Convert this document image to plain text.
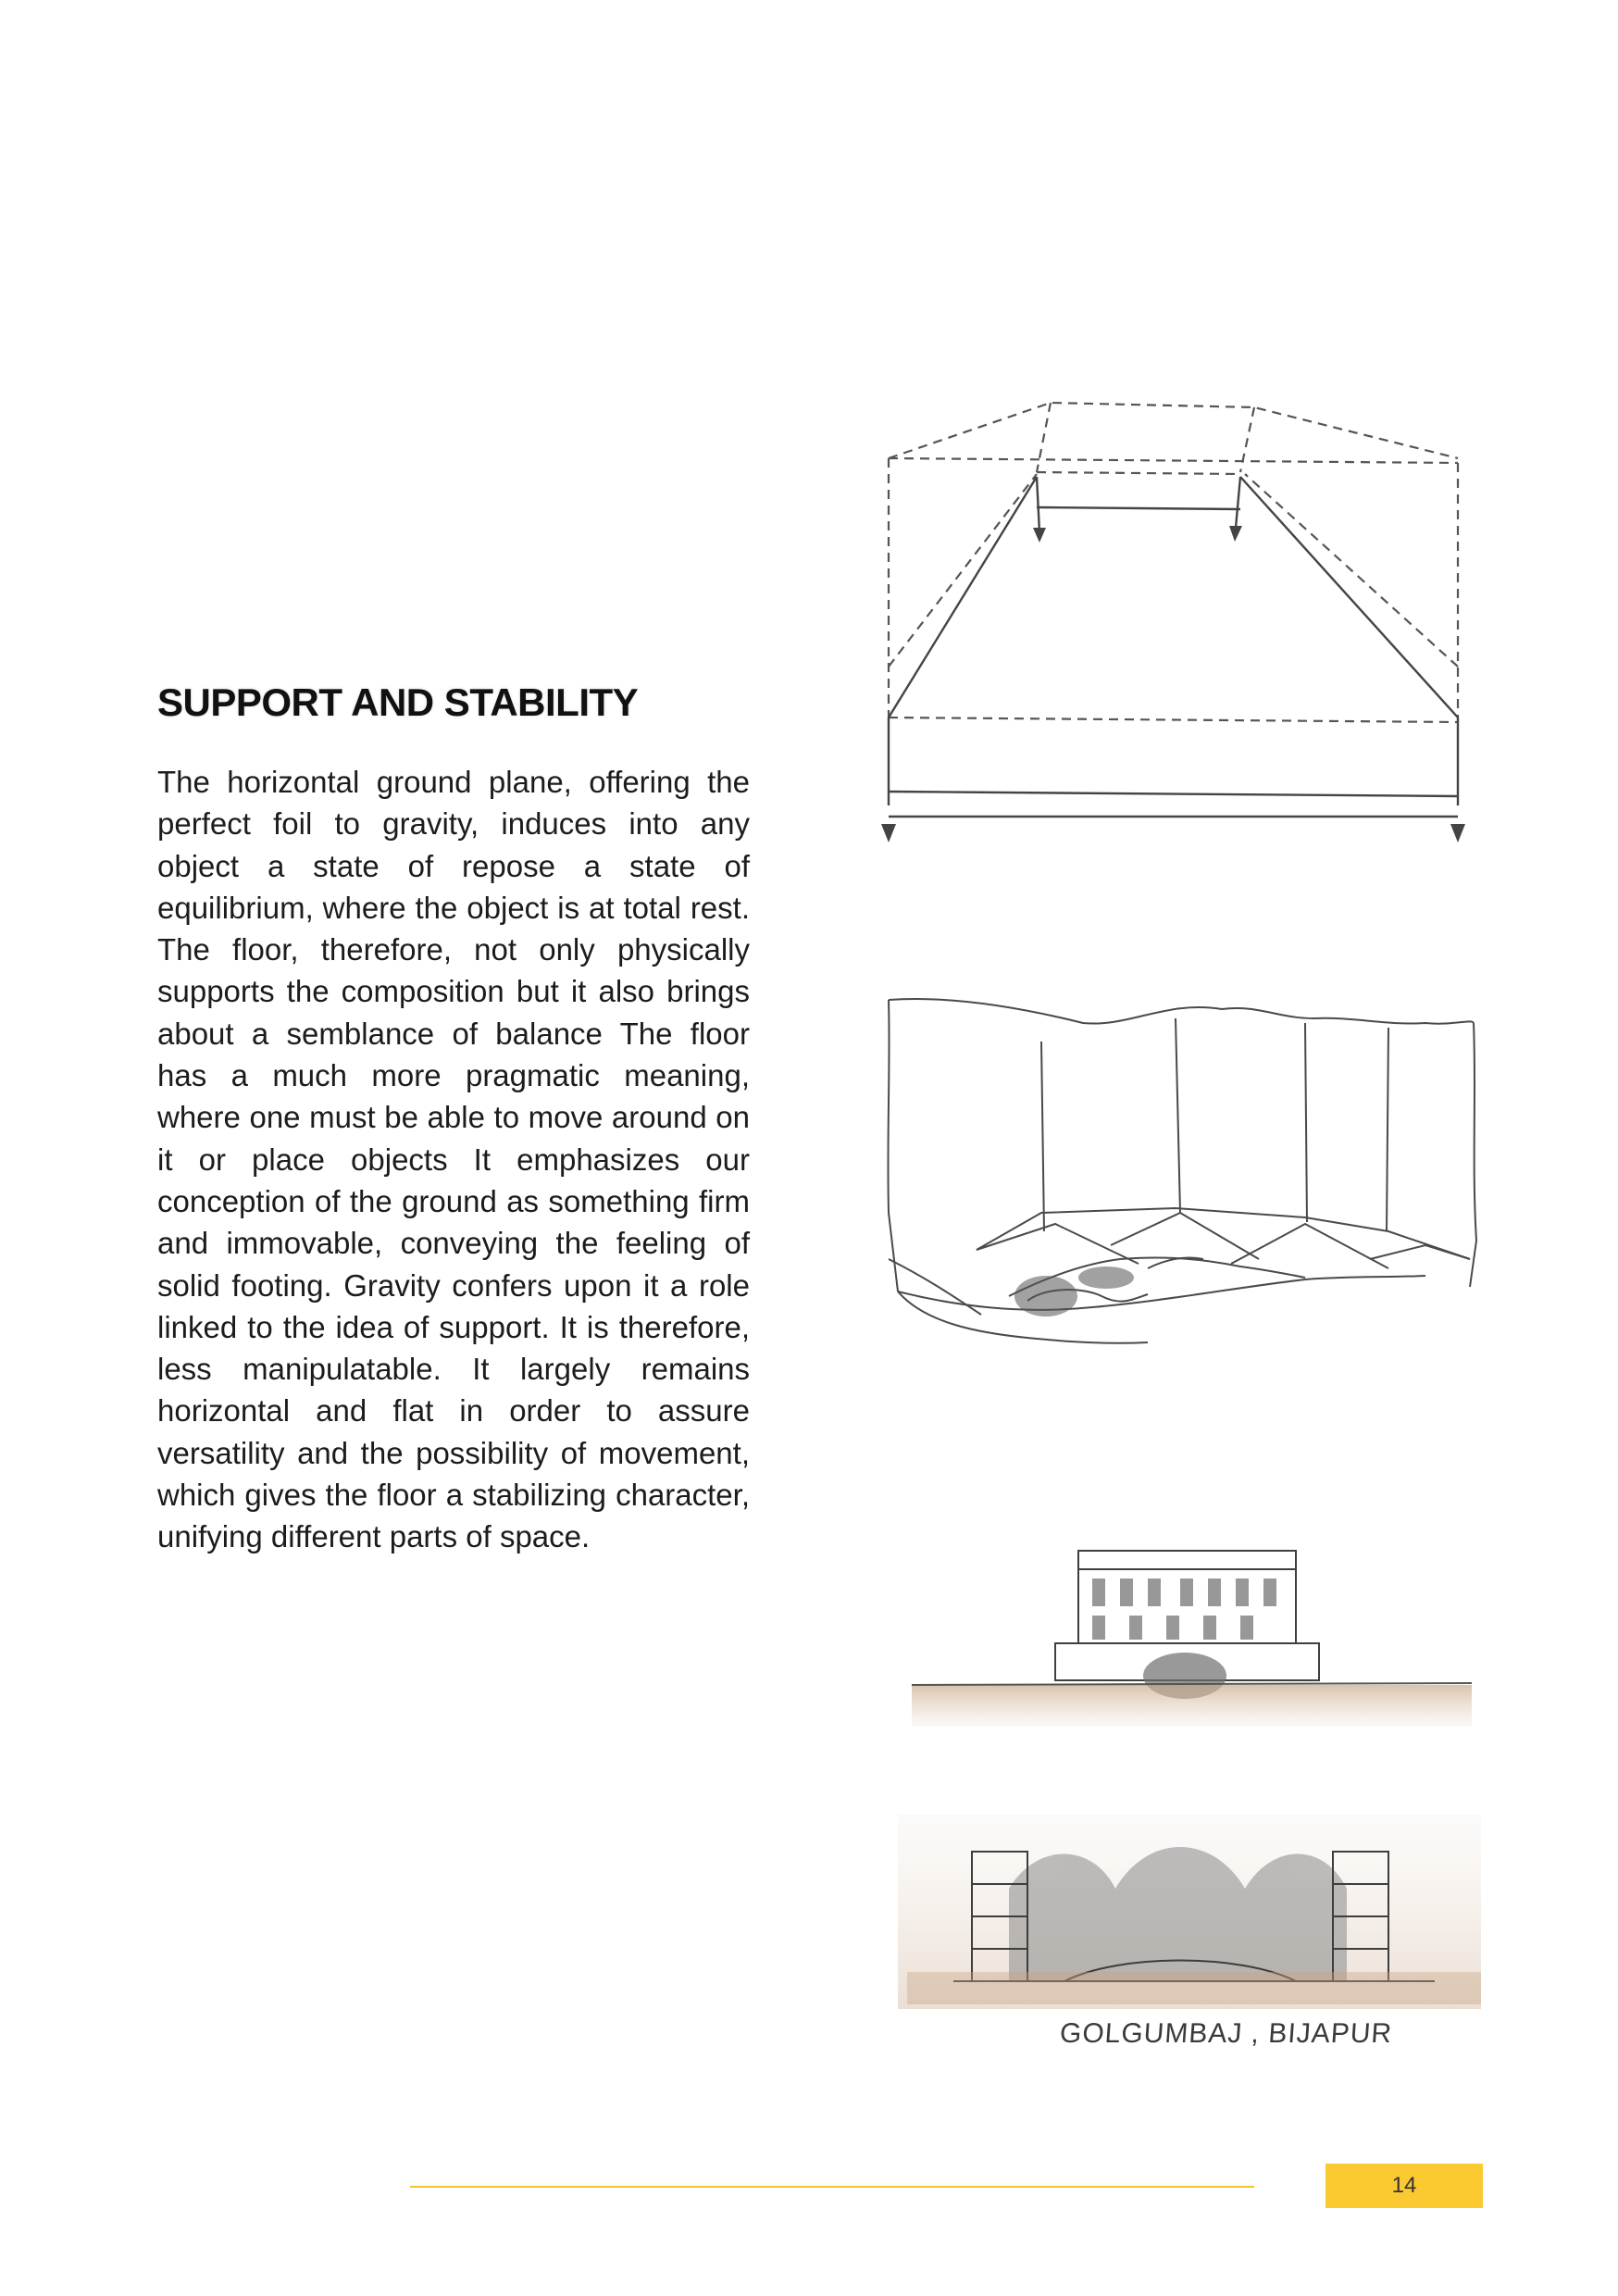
SUPPORT AND STABILITY

The horizontal ground plane, offering the perfect foil to gravity, induces into any object a state of repose a state of equilibrium, where the object is at total rest. The floor, therefore, not only physically supports the composition but it also brings about a semblance of balance The floor has a much more pragmatic meaning, where one must be able to move around on it or place objects It emphasizes our conception of the ground as something firm and immovable, conveying the feeling of solid footing. Gravity confers upon it a role linked to the idea of support. It is therefore, less manipulatable. It largely remains horizontal and flat in order to assure versatility and the possibility of movement, which gives the floor a stabilizing character, unifying different parts of space.

GOLGUMBAJ , BIJAPUR
14
